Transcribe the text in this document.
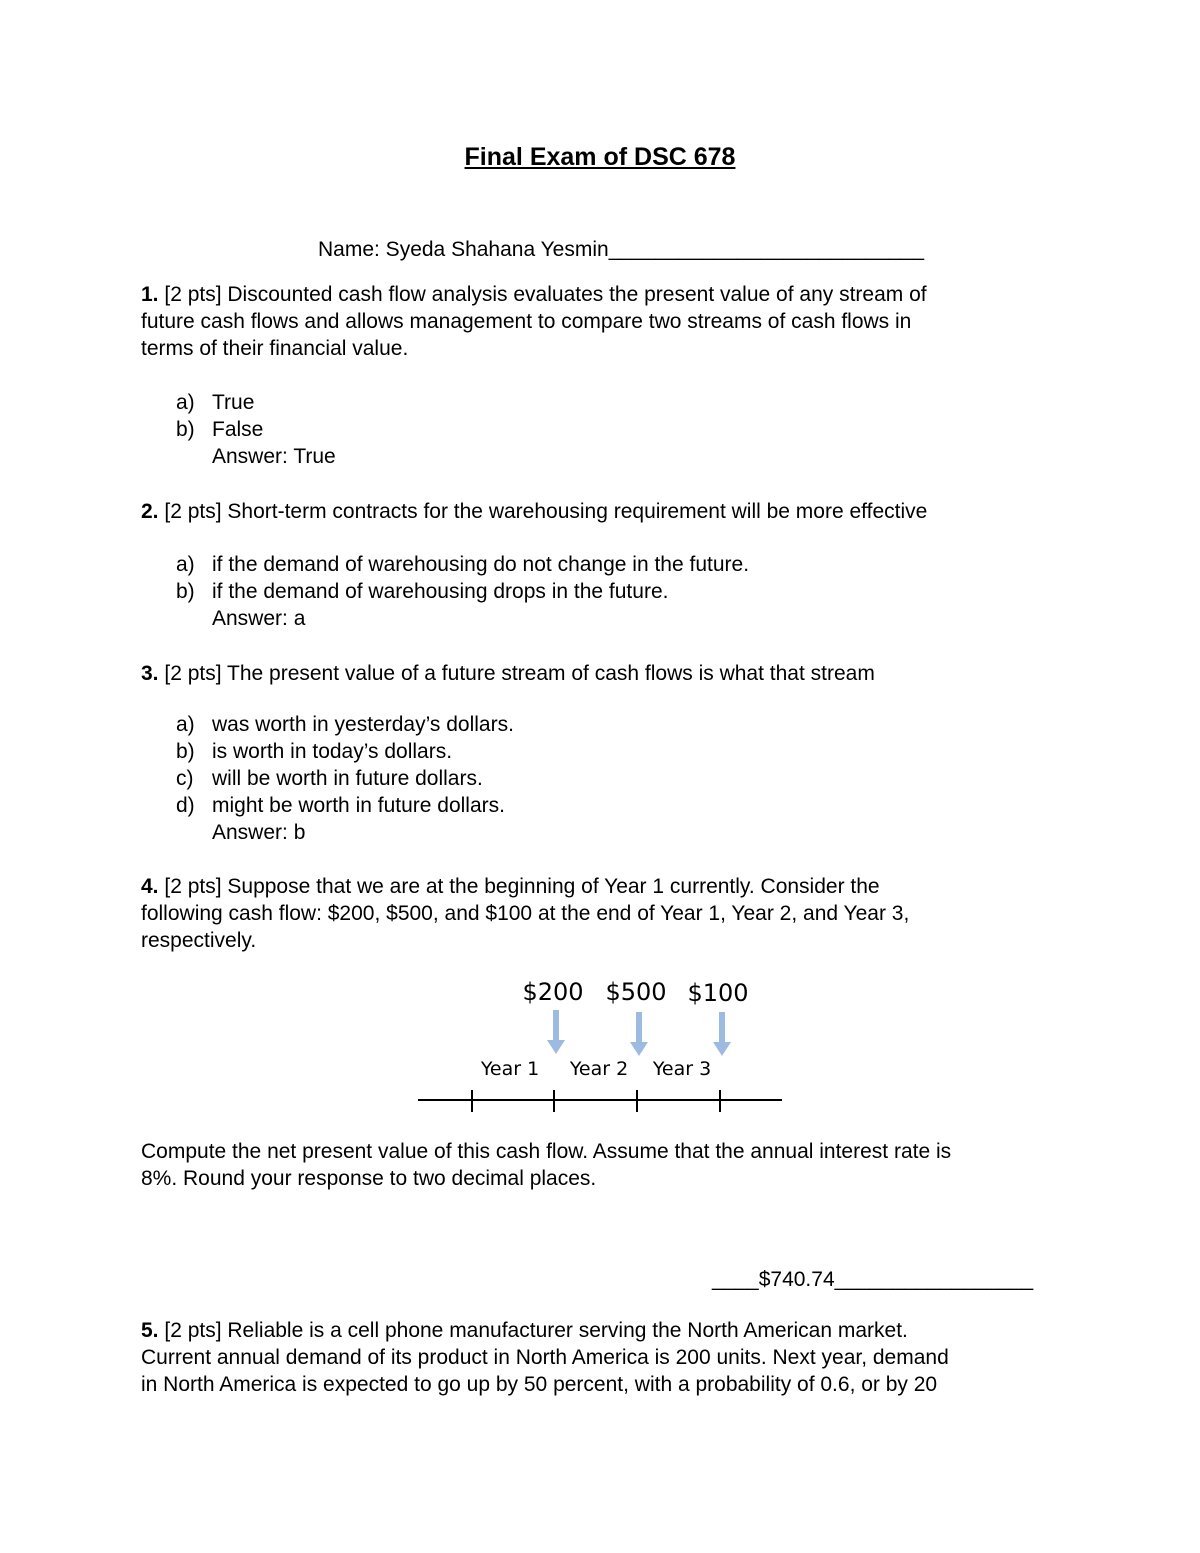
Final Exam of DSC 678
Name: Syeda Shahana Yesmin___________________________
1. [2 pts] Discounted cash flow analysis evaluates the present value of any stream of
future cash flows and allows management to compare two streams of cash flows in
terms of their financial value.
a) True
b) False
Answer: True
2. [2 pts] Short-term contracts for the warehousing requirement will be more effective
a) if the demand of warehousing do not change in the future.
b) if the demand of warehousing drops in the future.
Answer: a
3. [2 pts] The present value of a future stream of cash flows is what that stream
a) was worth in yesterday’s dollars.
b) is worth in today’s dollars.
c) will be worth in future dollars.
d) might be worth in future dollars.
Answer: b
4. [2 pts] Suppose that we are at the beginning of Year 1 currently. Consider the
following cash flow: $200, $500, and $100 at the end of Year 1, Year 2, and Year 3,
respectively.
$200 $500 $100
Year 1 Year 2 Year 3
Compute the net present value of this cash flow. Assume that the annual interest rate is
8%. Round your response to two decimal places.
____$740.74_________________
5. [2 pts] Reliable is a cell phone manufacturer serving the North American market.
Current annual demand of its product in North America is 200 units. Next year, demand
in North America is expected to go up by 50 percent, with a probability of 0.6, or by 20
